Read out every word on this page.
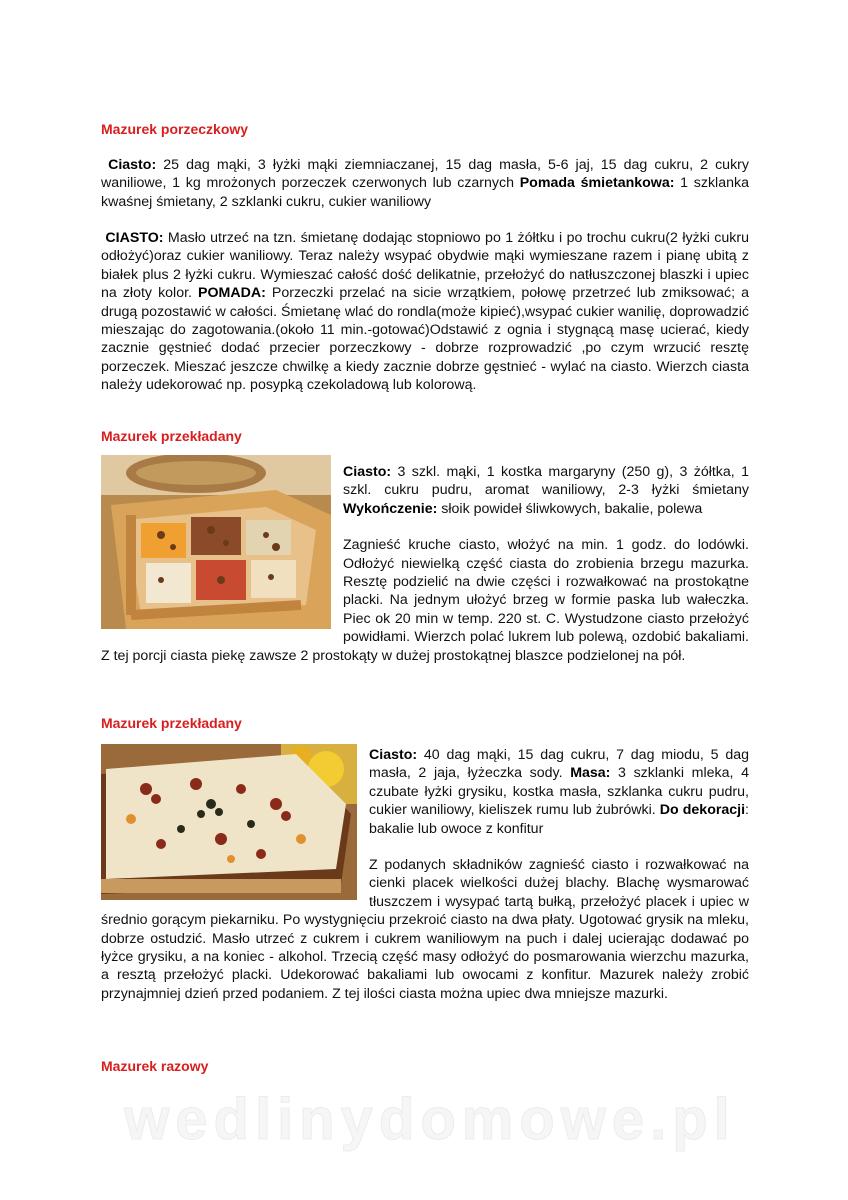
Mazurek porzeczkowy

Ciasto: 25 dag mąki, 3 łyżki mąki ziemniaczanej, 15 dag masła, 5-6 jaj, 15 dag cukru, 2 cukry waniliowe, 1 kg mrożonych porzeczek czerwonych lub czarnych Pomada śmietankowa: 1 szklanka kwaśnej śmietany, 2 szklanki cukru, cukier waniliowy

CIASTO: Masło utrzeć na tzn. śmietanę dodając stopniowo po 1 żółtku i po trochu cukru(2 łyżki cukru odłożyć)oraz cukier waniliowy. Teraz należy wsypać obydwie mąki wymieszane razem i pianę ubitą z białek plus 2 łyżki cukru. Wymieszać całość dość delikatnie, przełożyć do natłuszczonej blaszki i upiec na złoty kolor. POMADA: Porzeczki przelać na sicie wrzątkiem, połowę przetrzeć lub zmiksować; a drugą pozostawić w całości. Śmietanę wlać do rondla(może kipieć),wsypać cukier wanilię, doprowadzić mieszając do zagotowania.(około 11 min.-gotować)Odstawić z ognia i stygnącą masę ucierać, kiedy zacznie gęstnieć dodać przecier porzeczkowy - dobrze rozprowadzić ,po czym wrzucić resztę porzeczek. Mieszać jeszcze chwilkę a kiedy zacznie dobrze gęstnieć - wylać na ciasto. Wierzch ciasta należy udekorować np. posypką czekoladową lub kolorową.

Mazurek przekładany

Ciasto: 3 szkl. mąki, 1 kostka margaryny (250 g), 3 żółtka, 1 szkl. cukru pudru, aromat waniliowy, 2-3 łyżki śmietany Wykończenie: słoik powideł śliwkowych, bakalie, polewa

Zagnieść kruche ciasto, włożyć na min. 1 godz. do lodówki. Odłożyć niewielką część ciasta do zrobienia brzegu mazurka. Resztę podzielić na dwie części i rozwałkować na prostokątne placki. Na jednym ułożyć brzeg w formie paska lub wałeczka. Piec ok 20 min w temp. 220 st. C. Wystudzone ciasto przełożyć powidłami. Wierzch polać lukrem lub polewą, ozdobić bakaliami. Z tej porcji ciasta piekę zawsze 2 prostokąty w dużej prostokątnej blaszce podzielonej na pół.

Mazurek przekładany

Ciasto: 40 dag mąki, 15 dag cukru, 7 dag miodu, 5 dag masła, 2 jaja, łyżeczka sody. Masa: 3 szklanki mleka, 4 czubate łyżki grysiku, kostka masła, szklanka cukru pudru, cukier waniliowy, kieliszek rumu lub żubrówki. Do dekoracji: bakalie lub owoce z konfitur

Z podanych składników zagnieść ciasto i rozwałkować na cienki placek wielkości dużej blachy. Blachę wysmarować tłuszczem i wysypać tartą bułką, przełożyć placek i upiec w średnio gorącym piekarniku. Po wystygnięciu przekroić ciasto na dwa płaty. Ugotować grysik na mleku, dobrze ostudzić. Masło utrzeć z cukrem i cukrem waniliowym na puch i dalej ucierając dodawać po łyżce grysiku, a na koniec - alkohol. Trzecią część masy odłożyć do posmarowania wierzchu mazurka, a resztą przełożyć placki. Udekorować bakaliami lub owocami z konfitur. Mazurek należy zrobić przynajmniej dzień przed podaniem. Z tej ilości ciasta można upiec dwa mniejsze mazurki.

Mazurek razowy
wedlinydomowe.pl
